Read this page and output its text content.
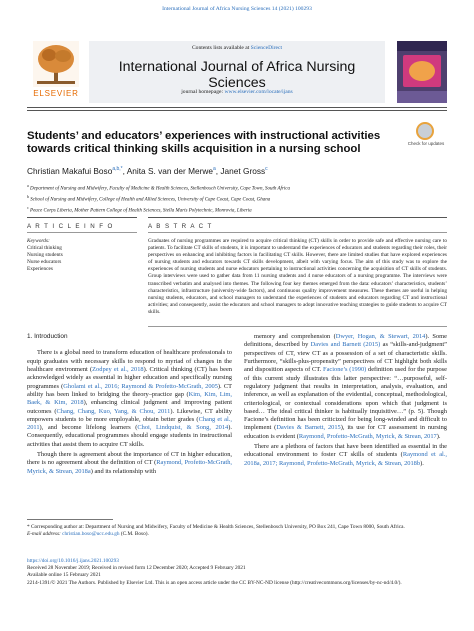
International Journal of Africa Nursing Sciences 14 (2021) 100293
ELSEVIER
Contents lists available at ScienceDirect
International Journal of Africa Nursing Sciences
journal homepage: www.elsevier.com/locate/ijans
Students’ and educators’ experiences with instructional activities towards critical thinking skills acquisition in a nursing school	Check for updates
Christian Makafui Boso$^{a,b,*}$, Anita S. van der Merwe$^a$, Janet Gross$^c$
$^a$ Department of Nursing and Midwifery, Faculty of Medicine & Health Sciences, Stellenbosch University, Cape Town, South Africa
$^b$ School of Nursing and Midwifery, College of Health and Allied Sciences, University of Cape Coast, Cape Coast, Ghana
$^c$ Peace Corps Liberia, Mother Pattern College of Health Sciences, Stella Maris Polytechnic, Monrovia, Liberia
A R T I C L E I N F O	A B S T R A C T
Keywords:
Critical thinking
Nursing students
Nurse educators
Experiences
Graduates of nursing programmes are required to acquire critical thinking (CT) skills in order to provide safe and effective nursing care to patients. To facilitate CT skills of students, it is important to understand the experiences of educators and students regarding their roles, their perspectives on enhancing and inhibiting factors in facilitating CT skills. However, there are limited studies that have explored experiences of nursing students and educators towards CT skills development, albeit with varying focus. The aim of this study was to explore the experiences of nursing students and nurse educators pertaining to instructional activities concerning the acquisition of CT skills of students. Group interviews were used to gather data from 11 nursing students and 4 nurse educators of a nursing programme. The interviews were transcribed verbatim and analysed into themes. The following four key themes emerged from the data: educators’ characteristics, students’ characteristics, infrastructure (university-wide factors), and continuous quality improvement measures. These themes are useful in helping nursing students, educators, and school managers to understand the experiences of students and educators regarding CT and instructional activities; and consequently, assist the educators and school managers to adopt innovative teaching strategies to guide students to acquire CT skills.
1. Introduction

There is a global need to transform education of healthcare professionals to equip graduates with necessary skills to respond to myriad of changes in the healthcare environment (Zodpey et al., 2018). Critical thinking (CT) has been acknowledged widely as essential in higher education and specifically nursing programmes (Gholami et al., 2016; Raymond & Profetto-McGrath, 2005). CT ability has been linked to bridging the theory–practice gap (Kim, Kim, Lim, Baek, & Kim, 2018), enhancing clinical judgment and improving patient outcomes (Chang, Chang, Kuo, Yang, & Chou, 2011). Likewise, CT ability empowers students to be more employable, obtain better grades (Chang et al., 2011), and become lifelong learners (Choi, Lindquist, & Song, 2014). Consequently, educational programmes should engage students in instructional activities that assist them to acquire CT skills.

Though there is agreement about the importance of CT in higher education, there is no agreement about the definition of CT (Raymond, Profetto-McGrath, Myrick, & Strean, 2018a) and its relationship with

memory and comprehension (Dwyer, Hogan, & Stewart, 2014). Some definitions, described by Davies and Barnett (2015) as “skills-and-judgment” perspectives of CT, view CT as a possession of a set of characteristic skills. Furthermore, “skills-plus-propensity” perspectives of CT highlight both skills and disposition aspects of CT. Facione’s (1990) definition used for the purpose of this current study illustrates this latter perspective: “…purposeful, self-regulatory judgment that results in interpretation, analysis, evaluation, and inference, as well as explanation of the evidential, conceptual, methodological, criteriological, or contextual considerations upon which that judgment is based… The ideal critical thinker is habitually inquisitive…” (p. 5). Though Facione’s definition has been criticized for being long-winded and difficult to implement (Davies & Barnett, 2015), its use for CT assessment in nursing education is evident (Raymond, Profetto-McGrath, Myrick, & Strean, 2017).

There are a plethora of factors that have been identified as essential in the educational environment to foster CT skills of students (Raymond et al., 2018a, 2017; Raymond, Profetto-McGrath, Myrick, & Strean, 2018b).

* Corresponding author at: Department of Nursing and Midwifery, Faculty of Medicine & Health Sciences, Stellenbosch University, PO Box 241, Cape Town 8000, South Africa.
E-mail address: christian.boso@ucc.edu.gh (C.M. Boso).
https://doi.org/10.1016/j.ijans.2021.100293
Received 28 November 2019; Received in revised form 12 December 2020; Accepted 9 February 2021
Available online 15 February 2021
2214-1391/© 2021 The Authors. Published by Elsevier Ltd. This is an open access article under the CC BY-NC-ND license (http://creativecommons.org/licenses/by-nc-nd/4.0/).
